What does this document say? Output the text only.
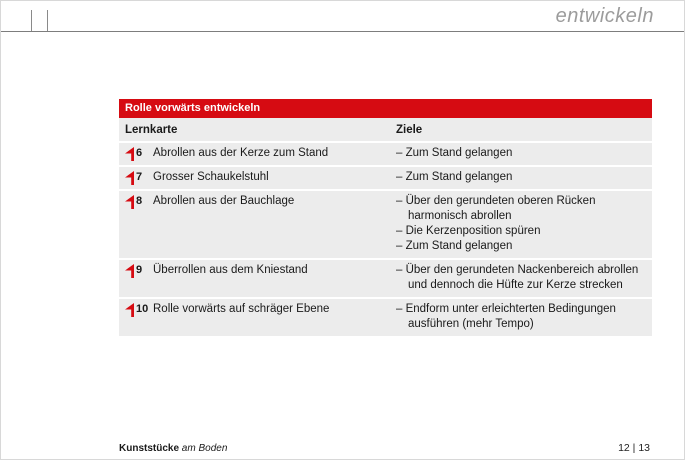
entwickeln
Rolle vorwärts entwickeln
Lernkarte	Ziele
6 Abrollen aus der Kerze zum Stand	– Zum Stand gelangen
7 Grosser Schaukelstuhl	– Zum Stand gelangen
8 Abrollen aus der Bauchlage	– Über den gerundeten oberen Rücken harmonisch abrollen
– Die Kerzenposition spüren
– Zum Stand gelangen
9 Überrollen aus dem Kniestand	– Über den gerundeten Nackenbereich abrollen und dennoch die Hüfte zur Kerze strecken
10 Rolle vorwärts auf schräger Ebene	– Endform unter erleichterten Bedingungen ausführen (mehr Tempo)
Kunststücke am Boden	12 | 13
